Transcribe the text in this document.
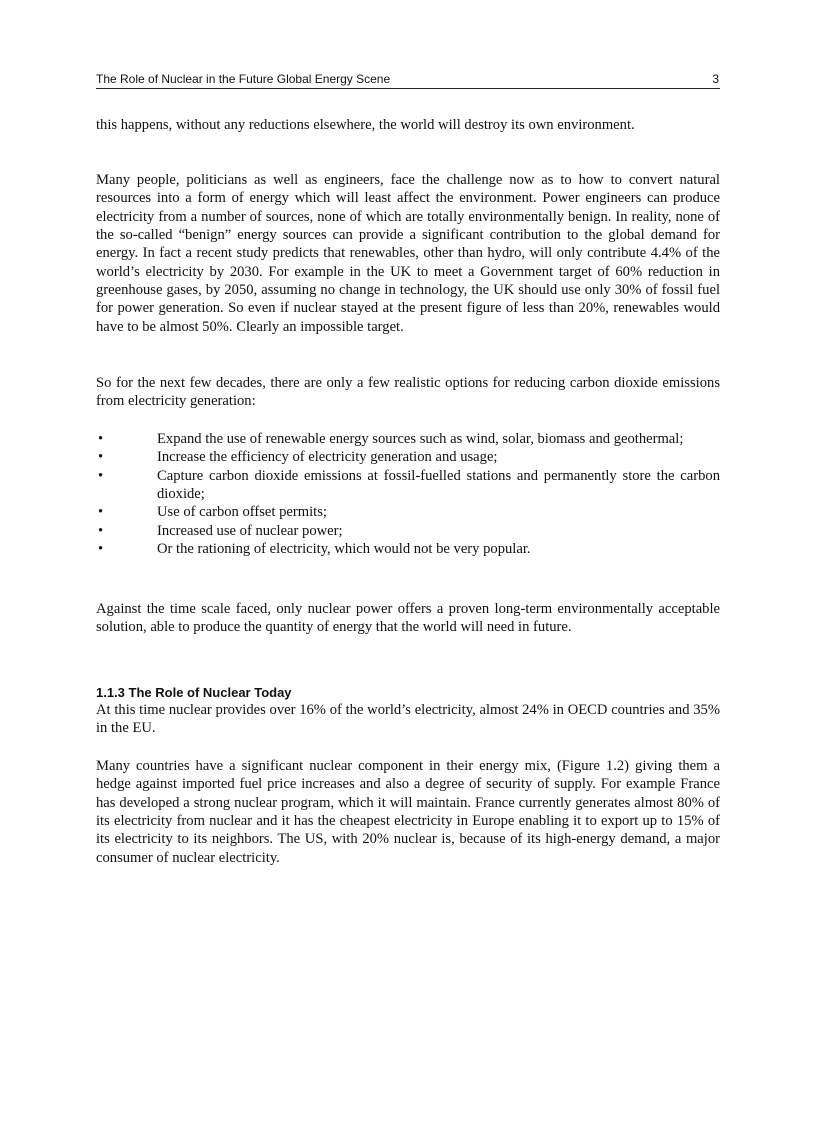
The Role of Nuclear in the Future Global Energy Scene	3

this happens, without any reductions elsewhere, the world will destroy its own environment.

Many people, politicians as well as engineers, face the challenge now as to how to convert natural resources into a form of energy which will least affect the environment. Power engineers can produce electricity from a number of sources, none of which are totally environmentally benign. In reality, none of the so-called “benign” energy sources can provide a significant contribution to the global demand for energy. In fact a recent study predicts that renewables, other than hydro, will only contribute 4.4% of the world’s electricity by 2030. For example in the UK to meet a Government target of 60% reduction in greenhouse gases, by 2050, assuming no change in technology, the UK should use only 30% of fossil fuel for power generation. So even if nuclear stayed at the present figure of less than 20%, renewables would have to be almost 50%. Clearly an impossible target.

So for the next few decades, there are only a few realistic options for reducing carbon dioxide emissions from electricity generation:

•	Expand the use of renewable energy sources such as wind, solar, biomass and geothermal;
•	Increase the efficiency of electricity generation and usage;
•	Capture carbon dioxide emissions at fossil-fuelled stations and permanently store the carbon dioxide;
•	Use of carbon offset permits;
•	Increased use of nuclear power;
•	Or the rationing of electricity, which would not be very popular.

Against the time scale faced, only nuclear power offers a proven long-term environmentally acceptable solution, able to produce the quantity of energy that the world will need in future.

1.1.3 The Role of Nuclear Today

At this time nuclear provides over 16% of the world’s electricity, almost 24% in OECD countries and 35% in the EU.

Many countries have a significant nuclear component in their energy mix, (Figure 1.2) giving them a hedge against imported fuel price increases and also a degree of security of supply. For example France has developed a strong nuclear program, which it will maintain. France currently generates almost 80% of its electricity from nuclear and it has the cheapest electricity in Europe enabling it to export up to 15% of its electricity to its neighbors. The US, with 20% nuclear is, because of its high-energy demand, a major consumer of nuclear electricity.
